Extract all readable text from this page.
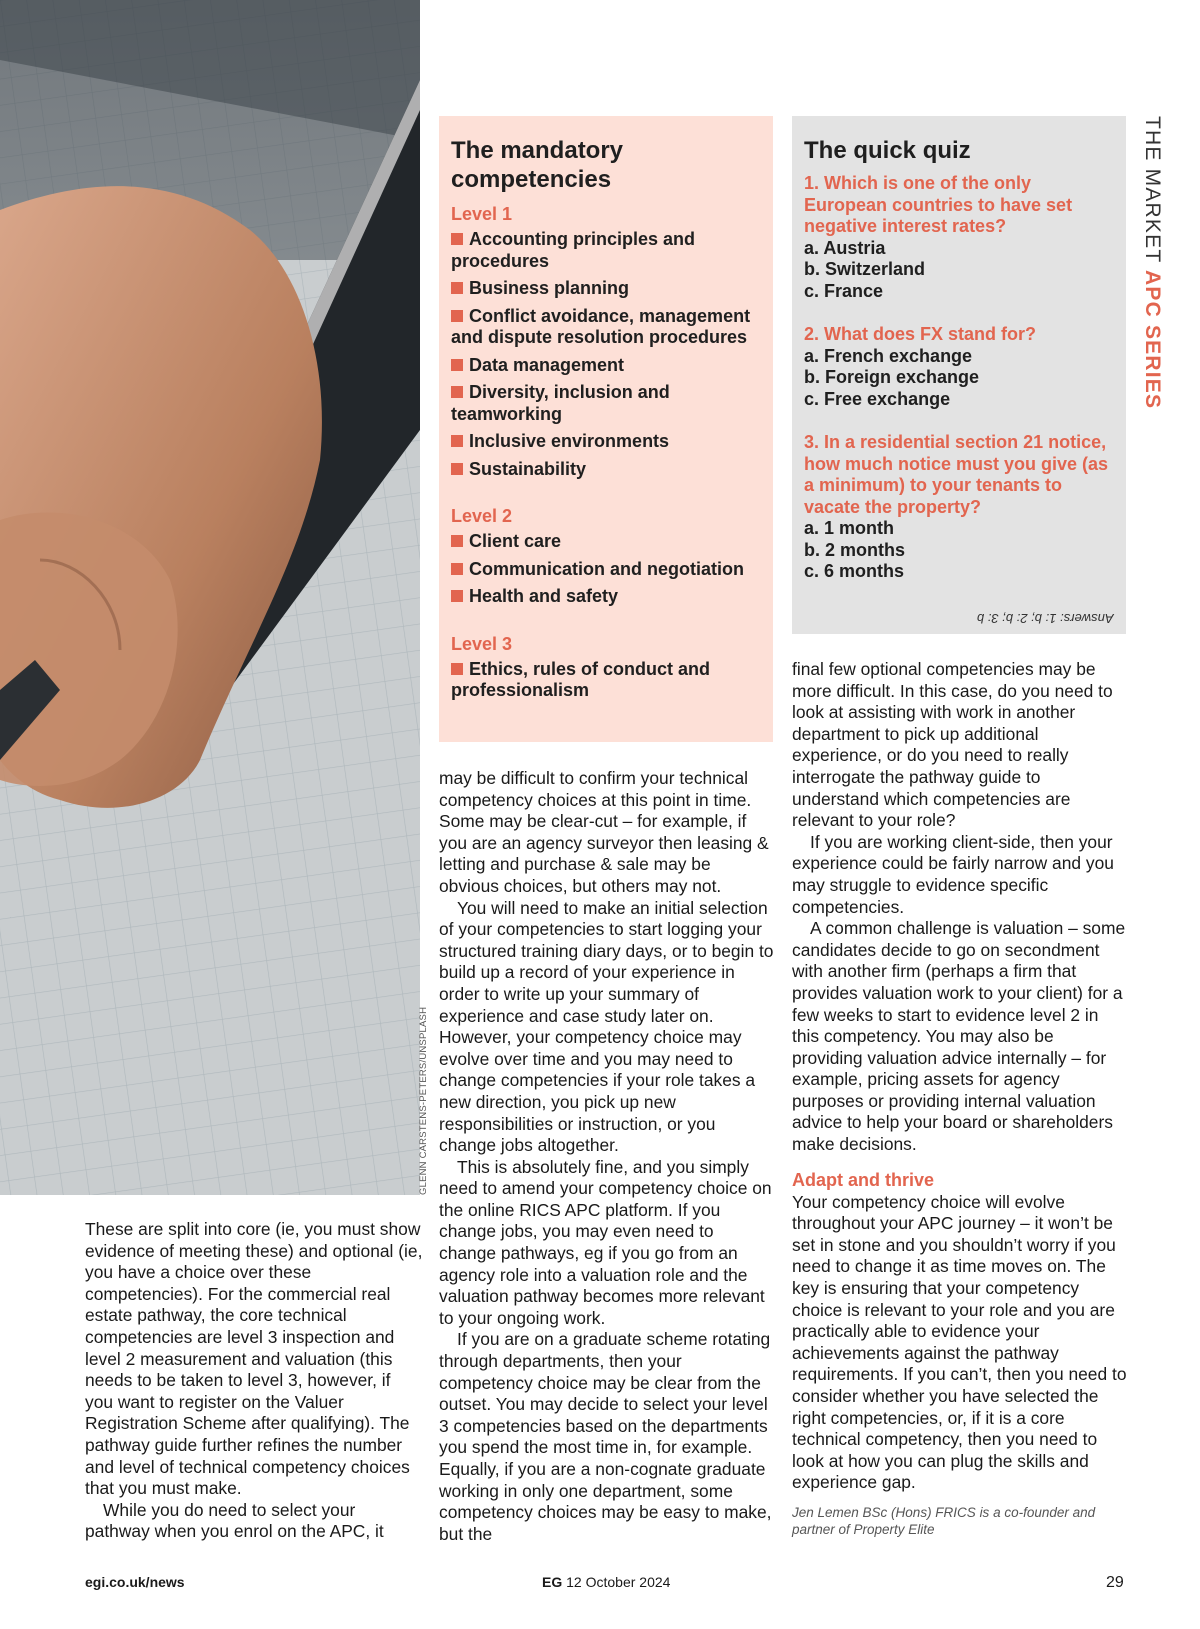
GLENN CARSTENS-PETERS/UNSPLASH
THE MARKET APC SERIES
The mandatory competencies
Level 1
Accounting principles and procedures
Business planning
Conflict avoidance, management and dispute resolution procedures
Data management
Diversity, inclusion and teamworking
Inclusive environments
Sustainability
Level 2
Client care
Communication and negotiation
Health and safety
Level 3
Ethics, rules of conduct and professionalism
The quick quiz
1. Which is one of the only European countries to have set negative interest rates?
a. Austria
b. Switzerland
c. France
2. What does FX stand for?
a. French exchange
b. Foreign exchange
c. Free exchange
3. In a residential section 21 notice, how much notice must you give (as a minimum) to your tenants to vacate the property?
a. 1 month
b. 2 months
c. 6 months
Answers: 1: b; 2: b; 3: b

These are split into core (ie, you must show evidence of meeting these) and optional (ie, you have a choice over these competencies). For the commercial real estate pathway, the core technical competencies are level 3 inspection and level 2 measurement and valuation (this needs to be taken to level 3, however, if you want to register on the Valuer Registration Scheme after qualifying). The pathway guide further refines the number and level of technical competency choices that you must make.

While you do need to select your pathway when you enrol on the APC, it

may be difficult to confirm your technical competency choices at this point in time. Some may be clear-cut – for example, if you are an agency surveyor then leasing & letting and purchase & sale may be obvious choices, but others may not.

You will need to make an initial selection of your competencies to start logging your structured training diary days, or to begin to build up a record of your experience in order to write up your summary of experience and case study later on. However, your competency choice may evolve over time and you may need to change competencies if your role takes a new direction, you pick up new responsibilities or instruction, or you change jobs altogether.

This is absolutely fine, and you simply need to amend your competency choice on the online RICS APC platform. If you change jobs, you may even need to change pathways, eg if you go from an agency role into a valuation role and the valuation pathway becomes more relevant to your ongoing work.

If you are on a graduate scheme rotating through departments, then your competency choice may be clear from the outset. You may decide to select your level 3 competencies based on the departments you spend the most time in, for example. Equally, if you are a non-cognate graduate working in only one department, some competency choices may be easy to make, but the

final few optional competencies may be more difficult. In this case, do you need to look at assisting with work in another department to pick up additional experience, or do you need to really interrogate the pathway guide to understand which competencies are relevant to your role?

If you are working client-side, then your experience could be fairly narrow and you may struggle to evidence specific competencies.

A common challenge is valuation – some candidates decide to go on secondment with another firm (perhaps a firm that provides valuation work to your client) for a few weeks to start to evidence level 2 in this competency. You may also be providing valuation advice internally – for example, pricing assets for agency purposes or providing internal valuation advice to help your board or shareholders make decisions.

Adapt and thrive

Your competency choice will evolve throughout your APC journey – it won’t be set in stone and you shouldn’t worry if you need to change it as time moves on. The key is ensuring that your competency choice is relevant to your role and you are practically able to evidence your achievements against the pathway requirements. If you can’t, then you need to consider whether you have selected the right competencies, or, if it is a core technical competency, then you need to look at how you can plug the skills and experience gap.

Jen Lemen BSc (Hons) FRICS is a co-founder and partner of Property Elite

egi.co.uk/news	EG 12 October 2024	29
